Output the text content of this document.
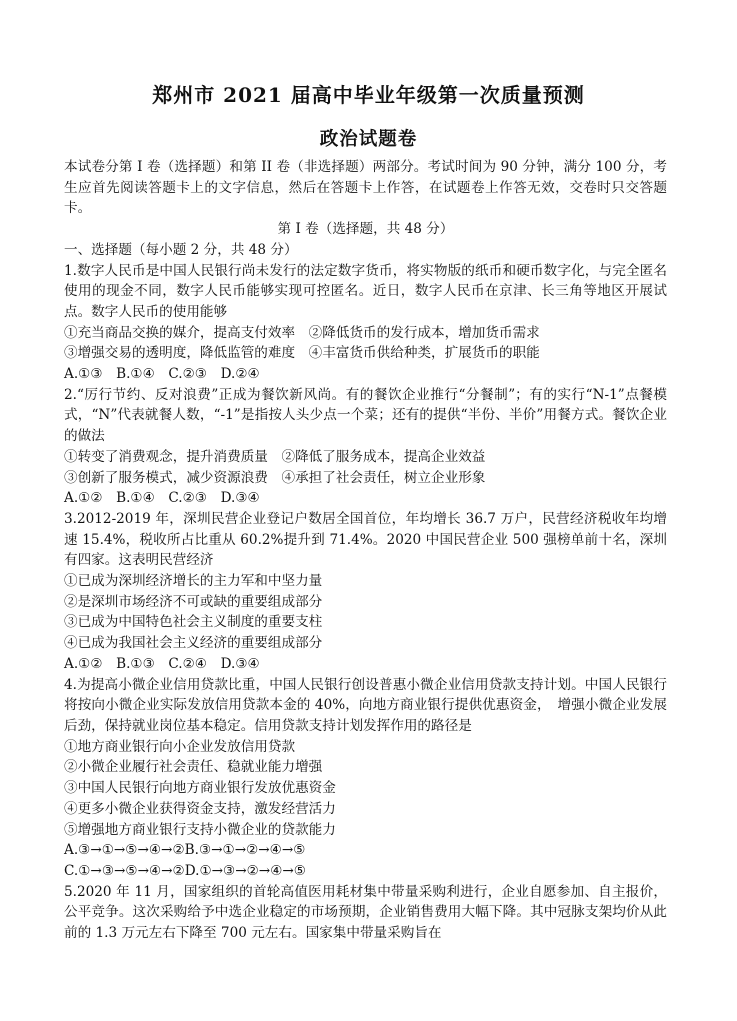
郑州市 2021 届高中毕业年级第一次质量预测
政治试题卷

本试卷分第 I 卷（选择题）和第 II 卷（非选择题）两部分。考试时间为 90 分钟，满分 100 分，考生应首先阅读答题卡上的文字信息，然后在答题卡上作答，在试题卷上作答无效，交卷时只交答题卡。

第 I 卷（选择题，共 48 分）

一、选择题（每小题 2 分，共 48 分）

1.数字人民币是中国人民银行尚未发行的法定数字货币，将实物版的纸币和硬币数字化，与完全匿名使用的现金不同，数字人民币能够实现可控匿名。近日，数字人民币在京津、长三角等地区开展试点。数字人民币的使用能够

①充当商品交换的媒介，提高支付效率　②降低货币的发行成本，增加货币需求

③增强交易的透明度，降低监管的难度　④丰富货币供给种类，扩展货币的职能

A.①③　B.①④　C.②③　D.②④

2.“厉行节约、反对浪费”正成为餐饮新风尚。有的餐饮企业推行“分餐制”；有的实行“N-1”点餐模式，“N”代表就餐人数，“-1”是指按人头少点一个菜；还有的提供“半份、半价”用餐方式。餐饮企业的做法

①转变了消费观念，提升消费质量　②降低了服务成本，提高企业效益

③创新了服务模式，减少资源浪费　④承担了社会责任，树立企业形象

A.①②　B.①④　C.②③　D.③④

3.2012-2019 年，深圳民营企业登记户数居全国首位，年均增长 36.7 万户，民营经济税收年均增速 15.4%，税收所占比重从 60.2%提升到 71.4%。2020 中国民营企业 500 强榜单前十名，深圳有四家。这表明民营经济

①已成为深圳经济增长的主力军和中坚力量

②是深圳市场经济不可或缺的重要组成部分

③已成为中国特色社会主义制度的重要支柱

④已成为我国社会主义经济的重要组成部分

A.①②　B.①③　C.②④　D.③④

4.为提高小微企业信用贷款比重，中国人民银行创设普惠小微企业信用贷款支持计划。中国人民银行将按向小微企业实际发放信用贷款本金的 40%，向地方商业银行提供优惠资金，　增强小微企业发展后劲，保持就业岗位基本稳定。信用贷款支持计划发挥作用的路径是

①地方商业银行向小企业发放信用贷款

②小微企业履行社会责任、稳就业能力增强

③中国人民银行向地方商业银行发放优惠资金

④更多小微企业获得资金支持，激发经营活力

⑤增强地方商业银行支持小微企业的贷款能力

A.③→①→⑤→④→②B.③→①→②→④→⑤

C.①→③→⑤→④→②D.①→③→②→④→⑤

5.2020 年 11 月，国家组织的首轮高值医用耗材集中带量采购利进行，企业自愿参加、自主报价，公平竞争。这次采购给予中选企业稳定的市场预期，企业销售费用大幅下降。其中冠脉支架均价从此前的 1.3 万元左右下降至 700 元左右。国家集中带量采购旨在
